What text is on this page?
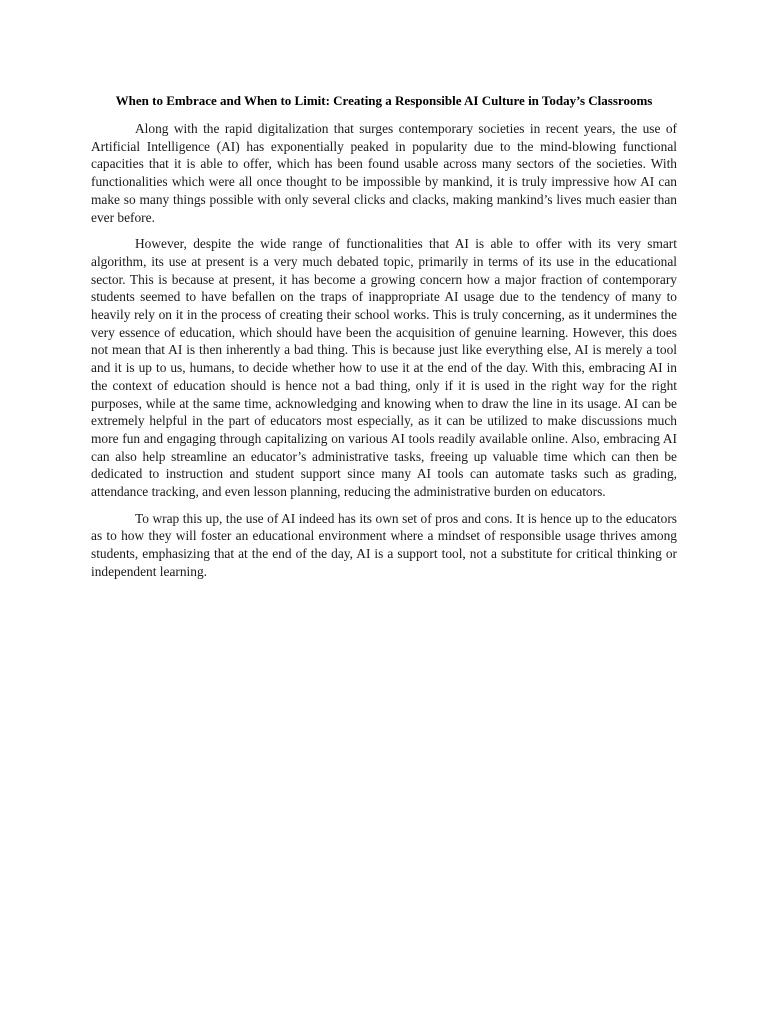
When to Embrace and When to Limit: Creating a Responsible AI Culture in Today’s Classrooms

Along with the rapid digitalization that surges contemporary societies in recent years, the use of Artificial Intelligence (AI) has exponentially peaked in popularity due to the mind-blowing functional capacities that it is able to offer, which has been found usable across many sectors of the societies. With functionalities which were all once thought to be impossible by mankind, it is truly impressive how AI can make so many things possible with only several clicks and clacks, making mankind’s lives much easier than ever before.

However, despite the wide range of functionalities that AI is able to offer with its very smart algorithm, its use at present is a very much debated topic, primarily in terms of its use in the educational sector. This is because at present, it has become a growing concern how a major fraction of contemporary students seemed to have befallen on the traps of inappropriate AI usage due to the tendency of many to heavily rely on it in the process of creating their school works. This is truly concerning, as it undermines the very essence of education, which should have been the acquisition of genuine learning. However, this does not mean that AI is then inherently a bad thing. This is because just like everything else, AI is merely a tool and it is up to us, humans, to decide whether how to use it at the end of the day. With this, embracing AI in the context of education should is hence not a bad thing, only if it is used in the right way for the right purposes, while at the same time, acknowledging and knowing when to draw the line in its usage. AI can be extremely helpful in the part of educators most especially, as it can be utilized to make discussions much more fun and engaging through capitalizing on various AI tools readily available online. Also, embracing AI can also help streamline an educator’s administrative tasks, freeing up valuable time which can then be dedicated to instruction and student support since many AI tools can automate tasks such as grading, attendance tracking, and even lesson planning, reducing the administrative burden on educators.

To wrap this up, the use of AI indeed has its own set of pros and cons. It is hence up to the educators as to how they will foster an educational environment where a mindset of responsible usage thrives among students, emphasizing that at the end of the day, AI is a support tool, not a substitute for critical thinking or independent learning.
